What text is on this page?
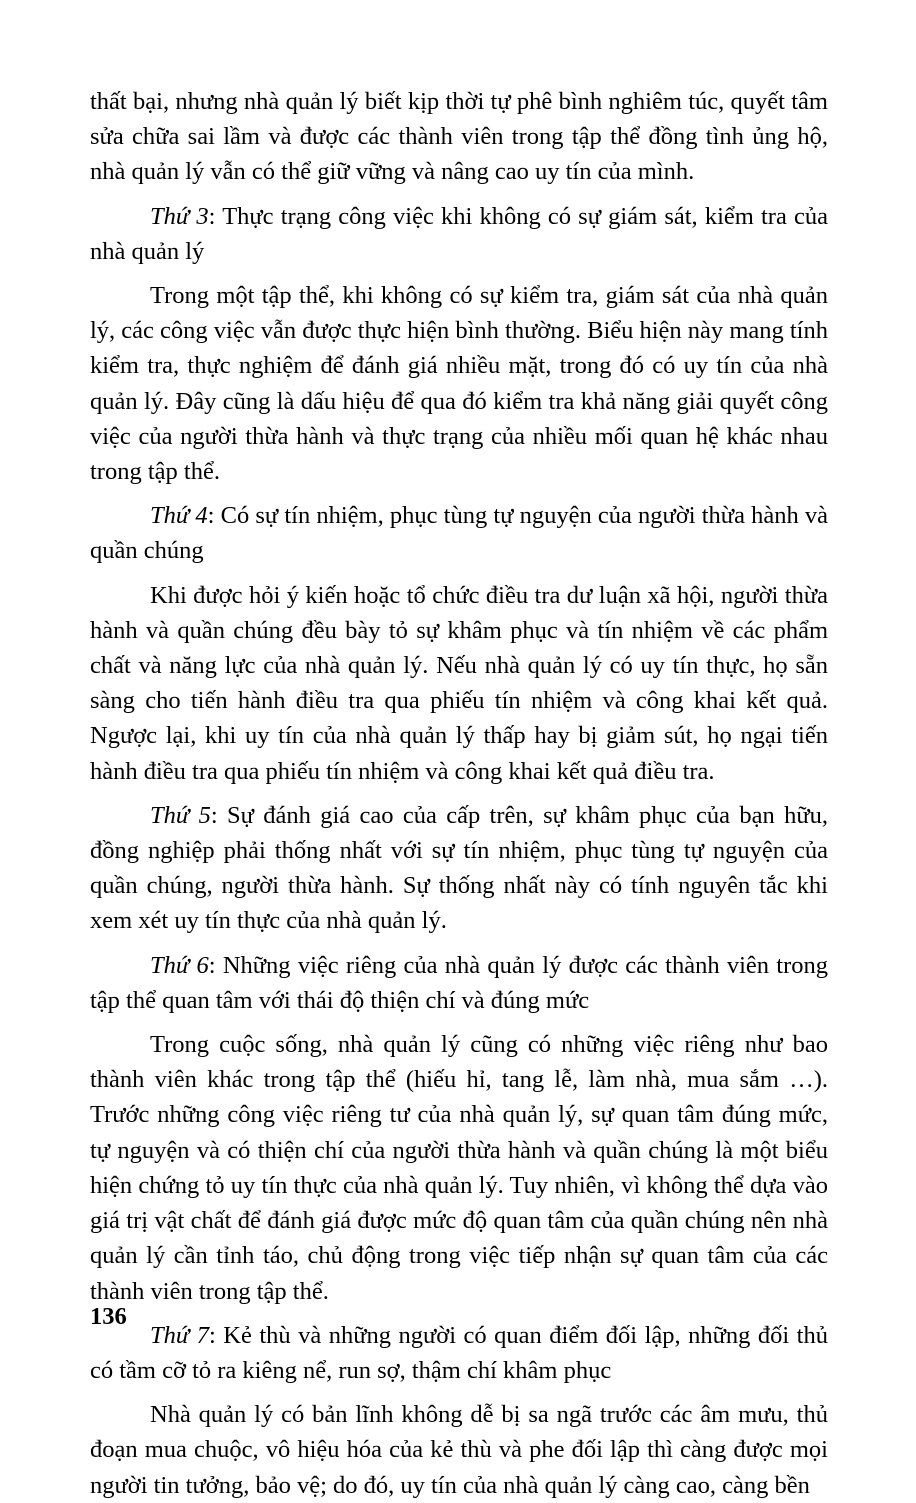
thất bại, nhưng nhà quản lý biết kịp thời tự phê bình nghiêm túc, quyết tâm sửa chữa sai lầm và được các thành viên trong tập thể đồng tình ủng hộ, nhà quản lý vẫn có thể giữ vững và nâng cao uy tín của mình.

Thứ 3: Thực trạng công việc khi không có sự giám sát, kiểm tra của nhà quản lý

Trong một tập thể, khi không có sự kiểm tra, giám sát của nhà quản lý, các công việc vẫn được thực hiện bình thường. Biểu hiện này mang tính kiểm tra, thực nghiệm để đánh giá nhiều mặt, trong đó có uy tín của nhà quản lý. Đây cũng là dấu hiệu để qua đó kiểm tra khả năng giải quyết công việc của người thừa hành và thực trạng của nhiều mối quan hệ khác nhau trong tập thể.

Thứ 4: Có sự tín nhiệm, phục tùng tự nguyện của người thừa hành và quần chúng

Khi được hỏi ý kiến hoặc tổ chức điều tra dư luận xã hội, người thừa hành và quần chúng đều bày tỏ sự khâm phục và tín nhiệm về các phẩm chất và năng lực của nhà quản lý. Nếu nhà quản lý có uy tín thực, họ sẵn sàng cho tiến hành điều tra qua phiếu tín nhiệm và công khai kết quả. Ngược lại, khi uy tín của nhà quản lý thấp hay bị giảm sút, họ ngại tiến hành điều tra qua phiếu tín nhiệm và công khai kết quả điều tra.

Thứ 5: Sự đánh giá cao của cấp trên, sự khâm phục của bạn hữu, đồng nghiệp phải thống nhất với sự tín nhiệm, phục tùng tự nguyện của quần chúng, người thừa hành. Sự thống nhất này có tính nguyên tắc khi xem xét uy tín thực của nhà quản lý.

Thứ 6: Những việc riêng của nhà quản lý được các thành viên trong tập thể quan tâm với thái độ thiện chí và đúng mức

Trong cuộc sống, nhà quản lý cũng có những việc riêng như bao thành viên khác trong tập thể (hiếu hỉ, tang lễ, làm nhà, mua sắm …). Trước những công việc riêng tư của nhà quản lý, sự quan tâm đúng mức, tự nguyện và có thiện chí của người thừa hành và quần chúng là một biểu hiện chứng tỏ uy tín thực của nhà quản lý. Tuy nhiên, vì không thể dựa vào giá trị vật chất để đánh giá được mức độ quan tâm của quần chúng nên nhà quản lý cần tỉnh táo, chủ động trong việc tiếp nhận sự quan tâm của các thành viên trong tập thể.

Thứ 7: Kẻ thù và những người có quan điểm đối lập, những đối thủ có tầm cỡ tỏ ra kiêng nể, run sợ, thậm chí khâm phục

Nhà quản lý có bản lĩnh không dễ bị sa ngã trước các âm mưu, thủ đoạn mua chuộc, vô hiệu hóa của kẻ thù và phe đối lập thì càng được mọi người tin tưởng, bảo vệ; do đó, uy tín của nhà quản lý càng cao, càng bền

136
